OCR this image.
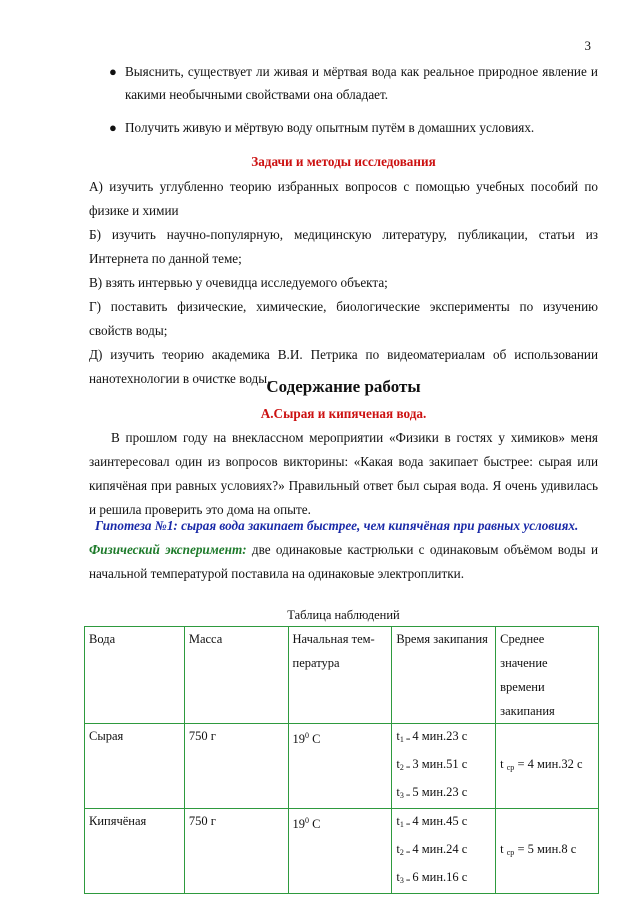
3
● Выяснить, существует ли живая и мёртвая вода как реальное природное явление и какими необычными свойствами она обладает.
● Получить живую и мёртвую воду опытным путём в домашних условиях.
Задачи и методы исследования
А) изучить углубленно теорию избранных вопросов с помощью учебных пособий по физике и химии
Б) изучить научно-популярную, медицинскую литературу, публикации, статьи из Интернета по данной теме;
В) взять интервью у очевидца исследуемого объекта;
Г) поставить физические, химические, биологические эксперименты по изучению свойств воды;
Д) изучить теорию академика В.И. Петрика по видеоматериалам об использовании нанотехнологии в очистке воды.
Содержание работы
А.Сырая и кипяченая вода.
В прошлом году на внеклассном мероприятии «Физики в гостях у химиков» меня заинтересовал один из вопросов викторины: «Какая вода закипает быстрее: сырая или кипячёная при равных условиях?» Правильный ответ был сырая вода. Я очень удивилась и решила проверить это дома на опыте.
Гипотеза №1: сырая вода закипает быстрее, чем кипячёная при равных условиях.
Физический эксперимент: две одинаковые кастрюльки с одинаковым объёмом воды и начальной температурой поставила на одинаковые электроплитки.
Таблица наблюдений
Вода	Масса	Начальная тем-пература	Время закипания	Среднее значение времени закипания
Сырая	750 г	$19^0$ С	$t_1$ $_=$ 4 мин.23 с
$t_2$ $_=$ 3 мин.51 с
$t_3$ $_=$ 5 мин.23 с	t $_{ср}$ = 4 мин.32 с
Кипячёная	750 г	$19^0$ С	$t_1$ $_=$ 4 мин.45 с
$t_2$ $_=$ 4 мин.24 с
$t_3$ $_=$ 6 мин.16 с	t $_{ср}$ = 5 мин.8 с
